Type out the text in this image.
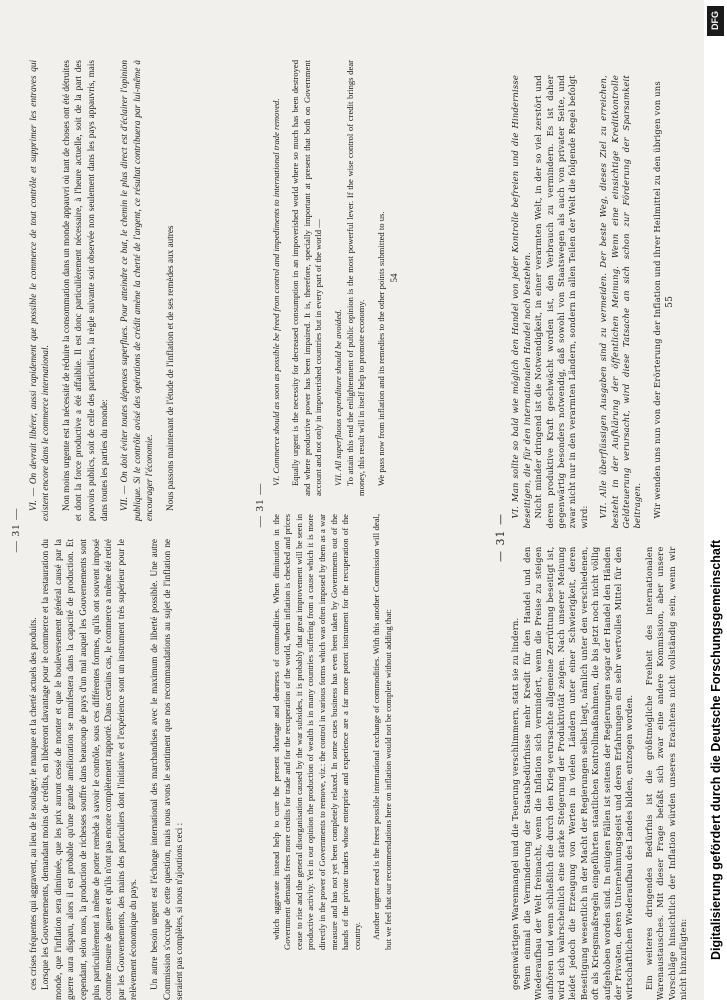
— 31 —

ces crises fréquentes qui aggravent, au lieu de le soulager, le manque et la cherté actuels des produits. Lorsque les Gouvernements, demandant moins de crédits, en libéreront davantage pour le commerce et la restauration du monde, que l'inflation sera diminuée, que les prix auront cessé de monter et que le bouleversement général causé par la guerre aura disparu, alors il est probable qu'une grande amélioration se manifestera dans la capacité de production. Et cependant, selon nous, la production de richesses souffre dans beaucoup de pays d'un mal auquel les Gouvernements sont plus particulièrement à même de porter remède à savoir le contrôle, sous ces différentes formes, qu'ils ont souvent imposé comme mesure de guerre et qu'ils n'ont pas encore complètement rapporté. Dans certains cas, le commerce a même été retiré par les Gouvernements, des mains des particuliers dont l'initiative et l'expérience sont un instrument très supérieur pour le relèvement économique du pays. Un autre besoin urgent est l'échange international des marchandises avec le maximum de liberté possible. Une autre Commission s'occupe de cette question, mais nous avons le sentiment que nos recommandations au sujet de l'inflation ne seraient pas complètes, si nous n'ajoutions ceci :

VI. — On devrait libérer, aussi rapidement que possible le commerce de tout contrôle et supprimer les entraves qui existent encore dans le commerce international. Non moins urgente est la nécessité de réduire la consommation dans un monde appauvri où tant de choses ont été détruites et dont la force productive a été affaiblie. Il est donc particulièrement nécessaire, à l'heure actuelle, soit de la part des pouvoirs publics, soit de celle des particuliers, la règle suivante soit observée non seulement dans les pays appauvris, mais dans toutes les parties du monde: VII. — On doit éviter toutes dépenses superflues. Pour atteindre ce but, le chemin le plus direct est d'éclairer l'opinion publique. Si le contrôle avisé des opérations de crédit amène la cherté de l'argent, ce résultat contribuera par lui-même à encourager l'économie. Nous passons maintenant de l'étude de l'inflation et de ses remèdes aux autres	— 31 —

which aggravate instead help to cure the present shortage and dearness of commodities. When diminution in the Government demands frees more credits for trade and for the recuperation of the world, when inflation is checked and prices cease to rise and the general disorganisation caused by the war subsides, it is probably that great improvement will be seen in productive activity. Yet in our opinion the production of wealth is in many countries suffering from a cause which it is more directly in the power of Governments to remove, viz.: the control in various forms which was often imposed by them as a war measure and has not yet been completely relaxed. In some cases business has even been taken by Governments out of the hands of the private traders whose enterprise and experience are a far more potent instrument for the recuperation of the country. Another urgent need is the freest possible international exchange of commodities. With this another Commission will deal, but we feel that our recommendations here on inflation would not be complete without adding that:

VI. Commerce should as soon as possible be freed from control and impediments to international trade removed. Equally urgent is the necessity for decreased consumption in an impoverished world where so much has been destroyed and where productive power has been impaired. It is, therefore, specially important at present that both on Government account and not only in impoverished countries but in every part of the world — VII. All superfluous expenditure should be avoided. To attain this end the enlightenment of public opinion is the most powerful lever. If the wise control of credit brings dear money, this result will in itself help to promote economy. We pass now from inflation and its remedies to the other points submitted to us. 54
— 31 —

gegenwärtigen Warenmangel und die Teuerung verschlimmern, statt sie zu lindern. Wenn einmal die Verminderung der Staatsbedürfnisse mehr Kredit für den Handel und den Wiederaufbau der Welt freimacht, wenn die Inflation sich vermindert, wenn die Preise zu steigen aufhören und wenn schließlich die durch den Krieg verursachte allgemeine Zerrüttung beseitigt ist, wird sich wahrscheinlich eine starke Steigerung der Produktivität zeigen. Nach unserer Meinung leidet jedoch die Erzeugung von Werten in vielen Ländern unter einer Schwierigkeit, deren Beseitigung wesentlich in der Macht der Regierungen selbst liegt, nämlich unter den verschiedenen, oft als Kriegsmaßregeln eingeführten staatlichen Kontrollmaßnahmen, die bis jetzt noch nicht völlig aufgehoben worden sind. In einigen Fällen ist seitens der Regierungen sogar der Handel den Händen der Privaten, deren Unternehmungsgeist und deren Erfahrungen ein sehr wertvolles Mittel für den wirtschaftlichen Wiederaufbau des Landes bilden, entzogen worden. Ein weiteres dringendes Bedürfnis ist die größtmögliche Freiheit des internationalen Warenaustausches. Mit dieser Frage befaßt sich zwar eine andere Kommission, aber unsere Vorschläge hinsichtlich der Inflation würden unseres Erachtens nicht vollständig sein, wenn wir nicht hinzufügten:

VI. Man sollte so bald wie möglich den Handel von jeder Kontrolle befreien und die Hindernisse beseitigen, die für den internationalen Handel noch bestehen. Nicht minder dringend ist die Notwendigkeit, in einer verarmten Welt, in der so viel zerstört und deren produktive Kraft geschwächt worden ist, den Verbrauch zu vermindern. Es ist daher gegenwärtig besonders notwendig, daß sowohl von Staatswegen als auch von privater Seite, und zwar nicht nur in den verarmten Ländern, sondern in allen Teilen der Welt die folgende Regel befolgt wird: VII. Alle überflüssigen Ausgaben sind zu vermeiden. Der beste Weg, dieses Ziel zu erreichen, besteht in der Aufklärung der öffentlichen Meinung. Wenn eine einsichtige Kreditkontrolle Geldteuerung verursacht, wird diese Tatsache an sich schon zur Förderung der Sparsamkeit beitragen. Wir wenden uns nun von der Erörterung der Inflation und ihrer Heilmittel zu den übrigen von uns 55
Digitalisierung gefördert durch die Deutsche Forschungsgemeinschaft
DFG
